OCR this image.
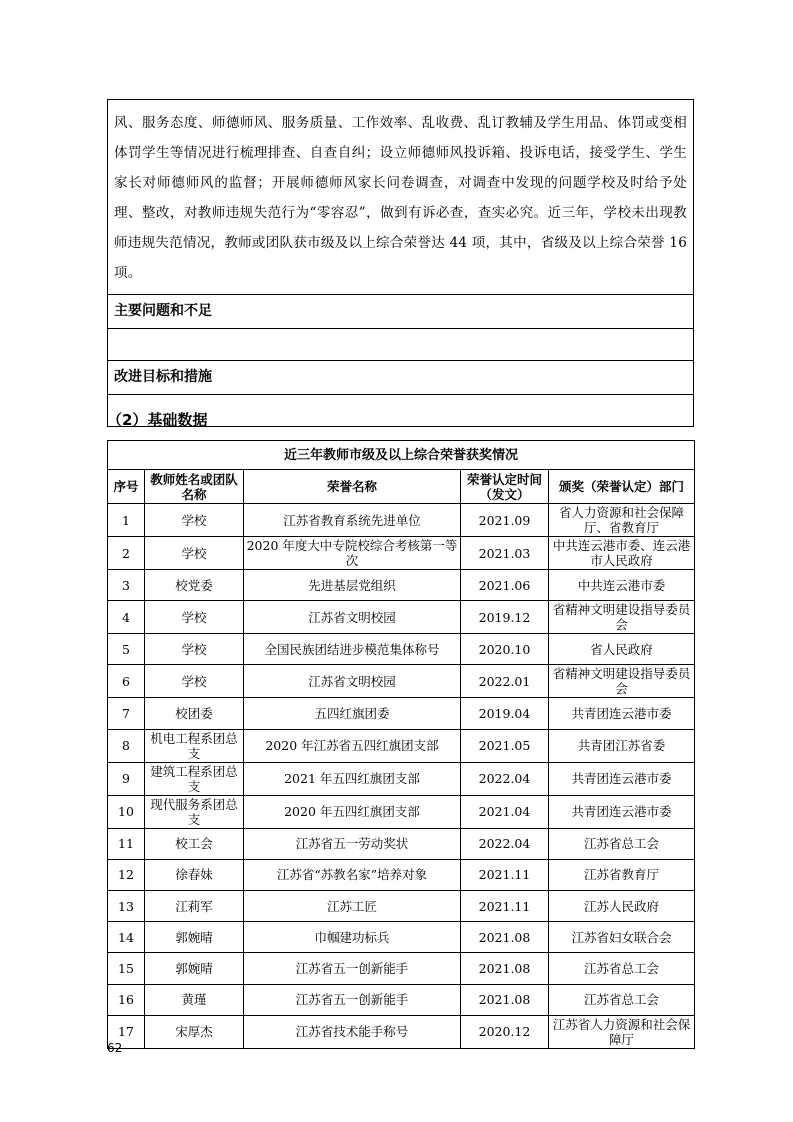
风、服务态度、师德师风、服务质量、工作效率、乱收费、乱订教辅及学生用品、体罚或变相体罚学生等情况进行梳理排查、自查自纠；设立师德师风投诉箱、投诉电话，接受学生、学生家长对师德师风的监督；开展师德师风家长问卷调查，对调查中发现的问题学校及时给予处理、整改，对教师违规失范行为“零容忍”，做到有诉必查，查实必究。近三年，学校未出现教师违规失范情况，教师或团队获市级及以上综合荣誉达 44 项，其中，省级及以上综合荣誉 16 项。
主要问题和不足
改进目标和措施
（2）基础数据
近三年教师市级及以上综合荣誉获奖情况				
序号	教师姓名或团队名称	荣誉名称	荣誉认定时间（发文）	颁奖（荣誉认定）部门
1	学校	江苏省教育系统先进单位	2021.09	省人力资源和社会保障厅、省教育厅
2	学校	2020 年度大中专院校综合考核第一等次	2021.03	中共连云港市委、连云港市人民政府
3	校党委	先进基层党组织	2021.06	中共连云港市委
4	学校	江苏省文明校园	2019.12	省精神文明建设指导委员会
5	学校	全国民族团结进步模范集体称号	2020.10	省人民政府
6	学校	江苏省文明校园	2022.01	省精神文明建设指导委员会
7	校团委	五四红旗团委	2019.04	共青团连云港市委
8	机电工程系团总支	2020 年江苏省五四红旗团支部	2021.05	共青团江苏省委
9	建筑工程系团总支	2021 年五四红旗团支部	2022.04	共青团连云港市委
10	现代服务系团总支	2020 年五四红旗团支部	2021.04	共青团连云港市委
11	校工会	江苏省五一劳动奖状	2022.04	江苏省总工会
12	徐春妹	江苏省“苏教名家”培养对象	2021.11	江苏省教育厅
13	江莉军	江苏工匠	2021.11	江苏人民政府
14	郭婉晴	巾帼建功标兵	2021.08	江苏省妇女联合会
15	郭婉晴	江苏省五一创新能手	2021.08	江苏省总工会
16	黄瑾	江苏省五一创新能手	2021.08	江苏省总工会
17	宋厚杰	江苏省技术能手称号	2020.12	江苏省人力资源和社会保障厅
62
